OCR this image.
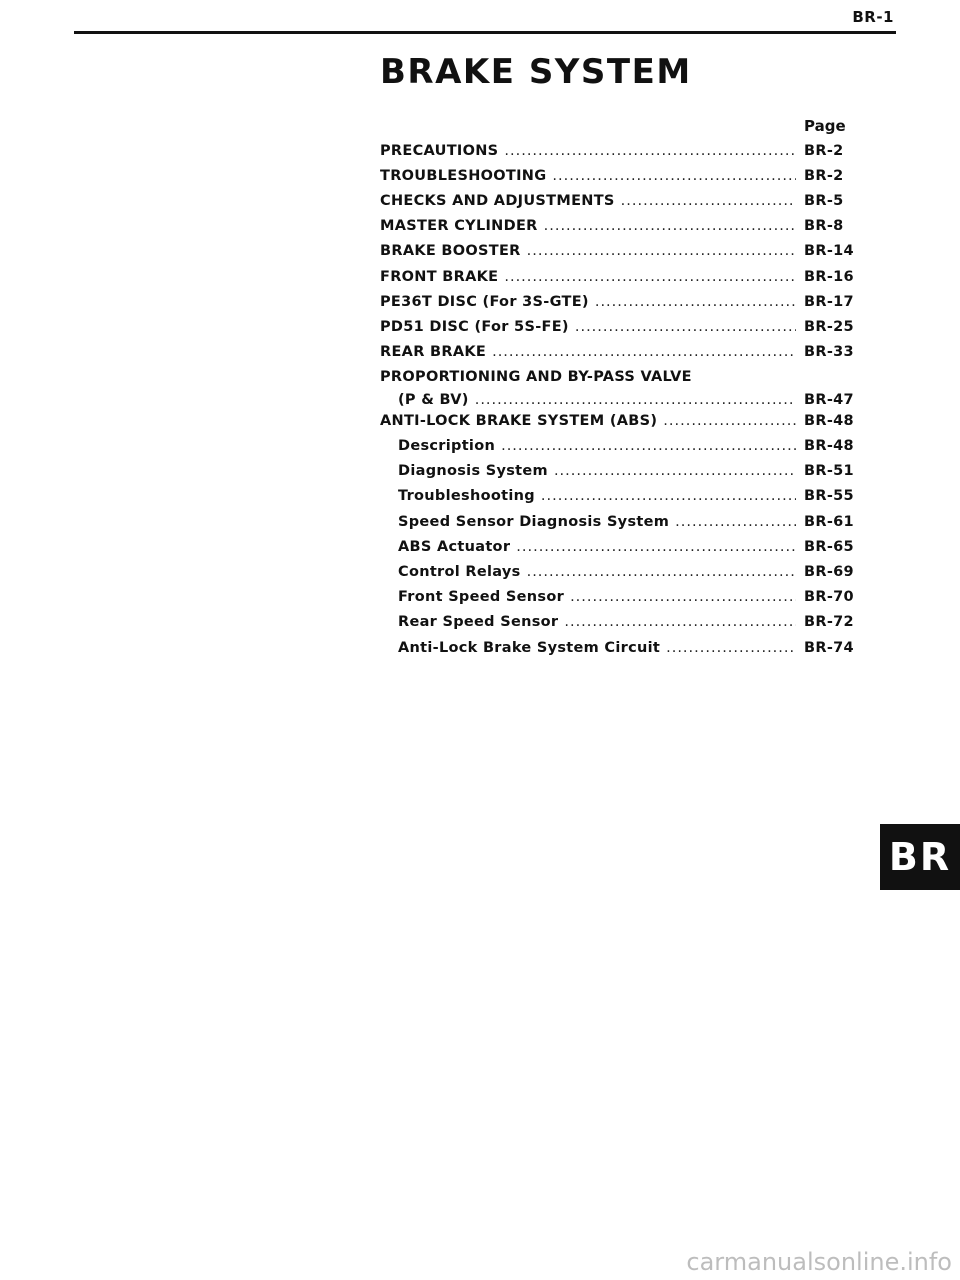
BR-1
BRAKE SYSTEM
Page
PRECAUTIONS .....	BR-2
TROUBLESHOOTING .....	BR-2
CHECKS AND ADJUSTMENTS .....	BR-5
MASTER CYLINDER .....	BR-8
BRAKE BOOSTER .....	BR-14
FRONT BRAKE .....	BR-16
PE36T DISC (For 3S-GTE) .....	BR-17
PD51 DISC (For 5S-FE) .....	BR-25
REAR BRAKE .....	BR-33
PROPORTIONING AND BY-PASS VALVE
(P & BV) .....	BR-47
ANTI-LOCK BRAKE SYSTEM (ABS) .....	BR-48
Description .....	BR-48
Diagnosis System .....	BR-51
Troubleshooting .....	BR-55
Speed Sensor Diagnosis System .....	BR-61
ABS Actuator .....	BR-65
Control Relays .....	BR-69
Front Speed Sensor .....	BR-70
Rear Speed Sensor .....	BR-72
Anti-Lock Brake System Circuit .....	BR-74
BR
carmanualsonline.info
